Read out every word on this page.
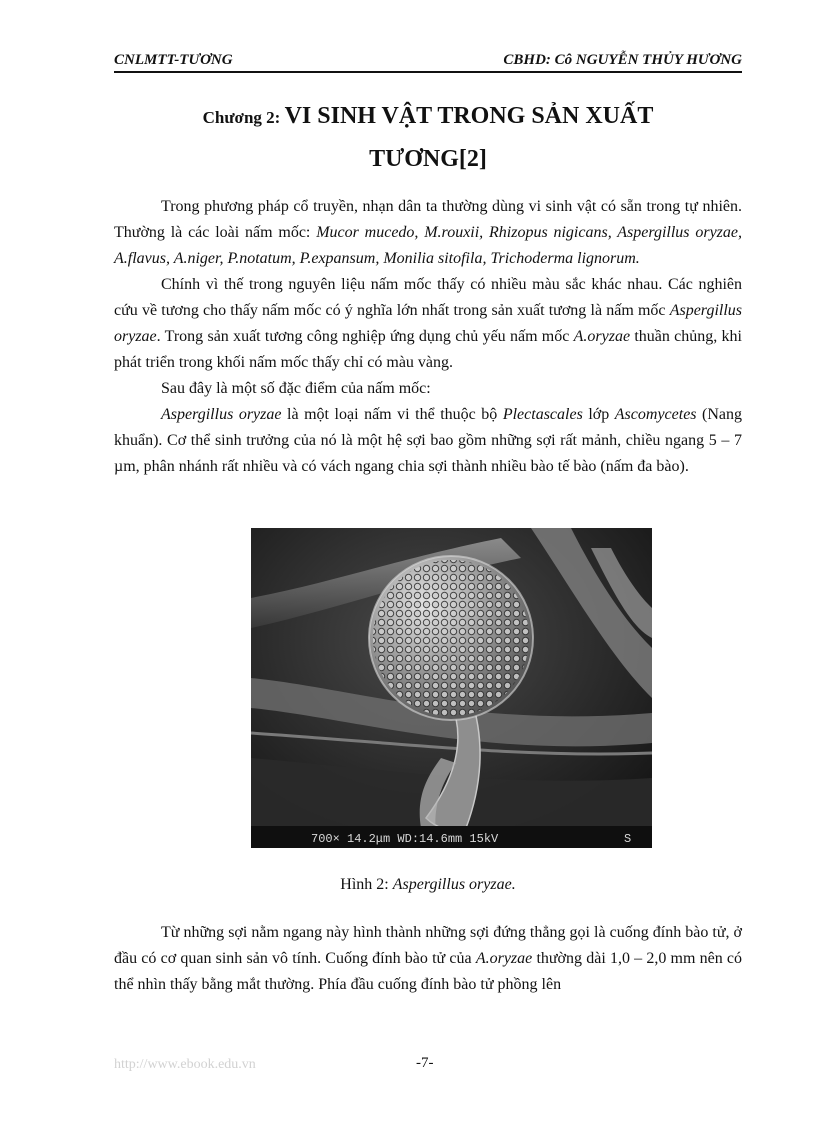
CNLMTT-TƯƠNG	CBHD: Cô NGUYỄN THỦY HƯƠNG
Chương 2: VI SINH VẬT TRONG SẢN XUẤT
TƯƠNG[2]

Trong phương pháp cổ truyền, nhạn dân ta thường dùng vi sinh vật có sẵn trong tự nhiên. Thường là các loài nấm mốc: Mucor mucedo, M.rouxii, Rhizopus nigicans, Aspergillus oryzae, A.flavus, A.niger, P.notatum, P.expansum, Monilia sitofila, Trichoderma lignorum.

Chính vì thế trong nguyên liệu nấm mốc thấy có nhiều màu sắc khác nhau. Các nghiên cứu về tương cho thấy nấm mốc có ý nghĩa lớn nhất trong sản xuất tương là nấm mốc Aspergillus oryzae. Trong sản xuất tương công nghiệp ứng dụng chủ yếu nấm mốc A.oryzae thuần chủng, khi phát triển trong khối nấm mốc thấy chỉ có màu vàng.

Sau đây là một số đặc điểm của nấm mốc:

Aspergillus oryzae là một loại nấm vi thể thuộc bộ Plectascales lớp Ascomycetes (Nang khuẩn). Cơ thể sinh trưởng của nó là một hệ sợi bao gồm những sợi rất mảnh, chiều ngang 5 – 7 µm, phân nhánh rất nhiều và có vách ngang chia sợi thành nhiều bào tế bào (nấm đa bào).

700× 14.2μm WD:14.6mm 15kV	S
Hình 2: Aspergillus oryzae.

Từ những sợi nằm ngang này hình thành những sợi đứng thẳng gọi là cuống đính bào tử, ở đầu có cơ quan sinh sản vô tính. Cuống đính bào tử của A.oryzae thường dài 1,0 – 2,0 mm nên có thể nhìn thấy bằng mắt thường. Phía đầu cuống đính bào tử phồng lên

http://www.ebook.edu.vn	-7-
